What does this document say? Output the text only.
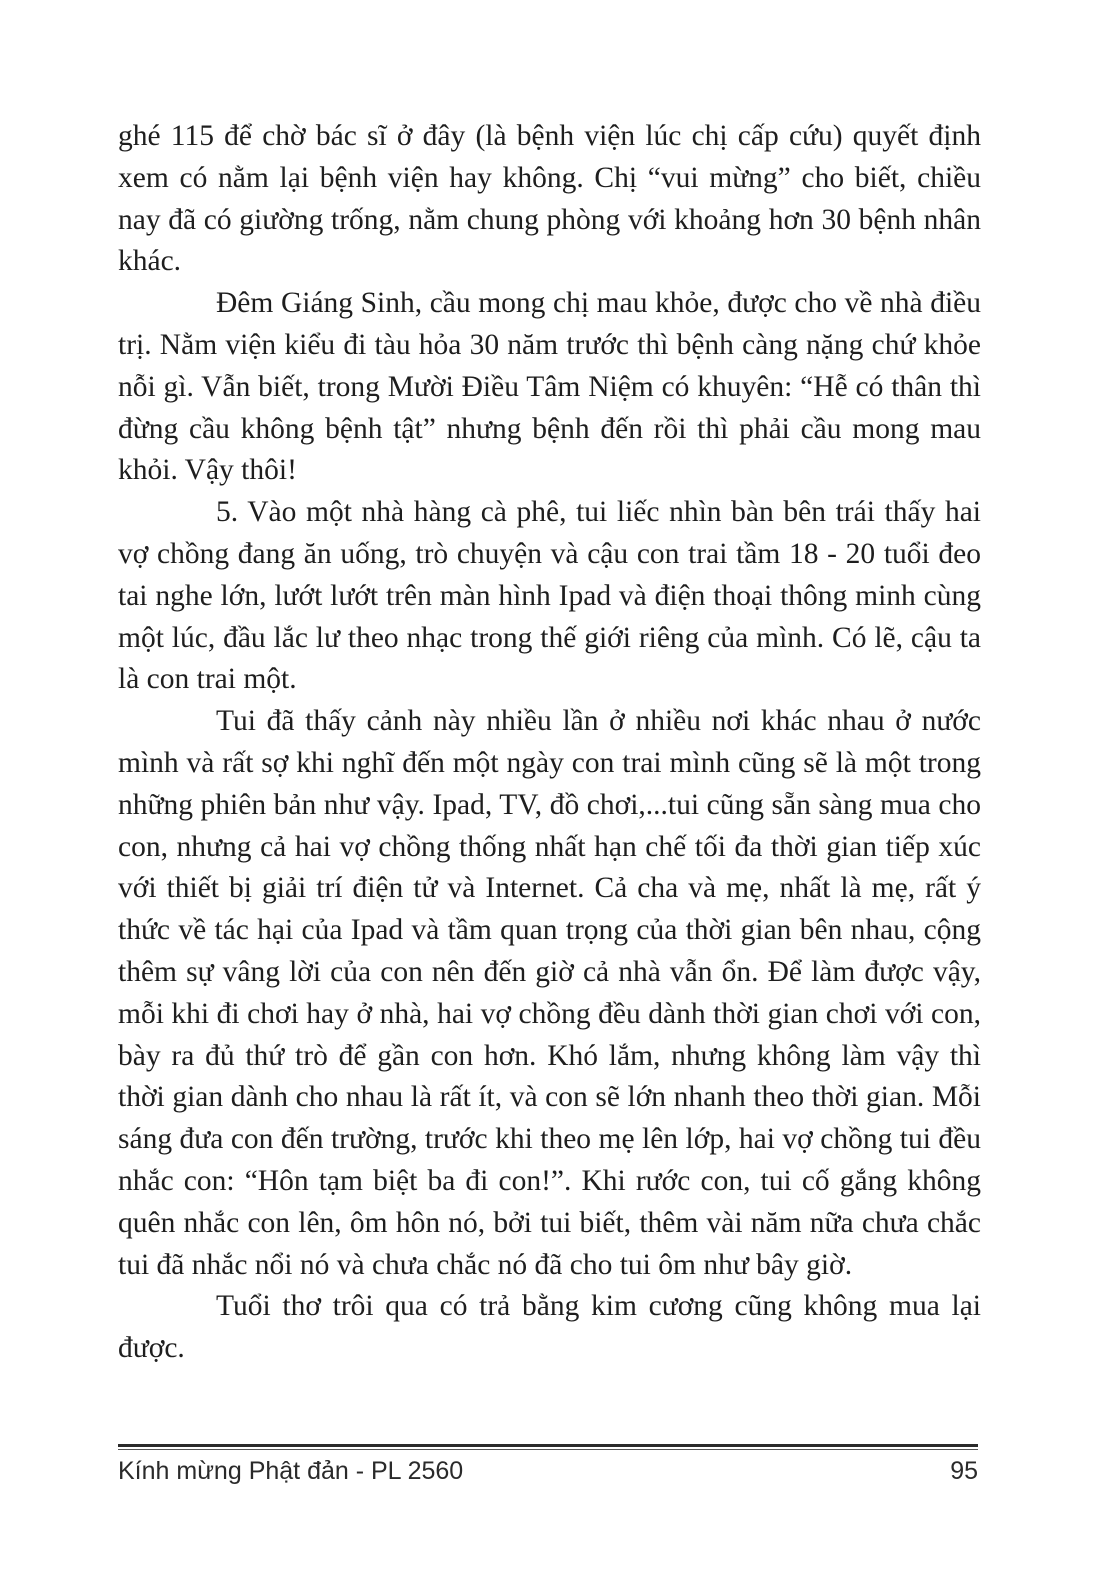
ghé 115 để chờ bác sĩ ở đây (là bệnh viện lúc chị cấp cứu) quyết định xem có nằm lại bệnh viện hay không. Chị “vui mừng” cho biết, chiều nay đã có giường trống, nằm chung phòng với khoảng hơn 30 bệnh nhân khác.

Đêm Giáng Sinh, cầu mong chị mau khỏe, được cho về nhà điều trị. Nằm viện kiểu đi tàu hỏa 30 năm trước thì bệnh càng nặng chứ khỏe nỗi gì. Vẫn biết, trong Mười Điều Tâm Niệm có khuyên: “Hễ có thân thì đừng cầu không bệnh tật” nhưng bệnh đến rồi thì phải cầu mong mau khỏi. Vậy thôi!

5. Vào một nhà hàng cà phê, tui liếc nhìn bàn bên trái thấy hai vợ chồng đang ăn uống, trò chuyện và cậu con trai tầm 18 - 20 tuổi đeo tai nghe lớn, lướt lướt trên màn hình Ipad và điện thoại thông minh cùng một lúc, đầu lắc lư theo nhạc trong thế giới riêng của mình. Có lẽ, cậu ta là con trai một.

Tui đã thấy cảnh này nhiều lần ở nhiều nơi khác nhau ở nước mình và rất sợ khi nghĩ đến một ngày con trai mình cũng sẽ là một trong những phiên bản như vậy. Ipad, TV, đồ chơi,...tui cũng sẵn sàng mua cho con, nhưng cả hai vợ chồng thống nhất hạn chế tối đa thời gian tiếp xúc với thiết bị giải trí điện tử và Internet. Cả cha và mẹ, nhất là mẹ, rất ý thức về tác hại của Ipad và tầm quan trọng của thời gian bên nhau, cộng thêm sự vâng lời của con nên đến giờ cả nhà vẫn ổn. Để làm được vậy, mỗi khi đi chơi hay ở nhà, hai vợ chồng đều dành thời gian chơi với con, bày ra đủ thứ trò để gần con hơn. Khó lắm, nhưng không làm vậy thì thời gian dành cho nhau là rất ít, và con sẽ lớn nhanh theo thời gian. Mỗi sáng đưa con đến trường, trước khi theo mẹ lên lớp, hai vợ chồng tui đều nhắc con: “Hôn tạm biệt ba đi con!”. Khi rước con, tui cố gắng không quên nhắc con lên, ôm hôn nó, bởi tui biết, thêm vài năm nữa chưa chắc tui đã nhắc nổi nó và chưa chắc nó đã cho tui ôm như bây giờ.

Tuổi thơ trôi qua có trả bằng kim cương cũng không mua lại được.

Kính mừng Phật đản - PL 2560	95
